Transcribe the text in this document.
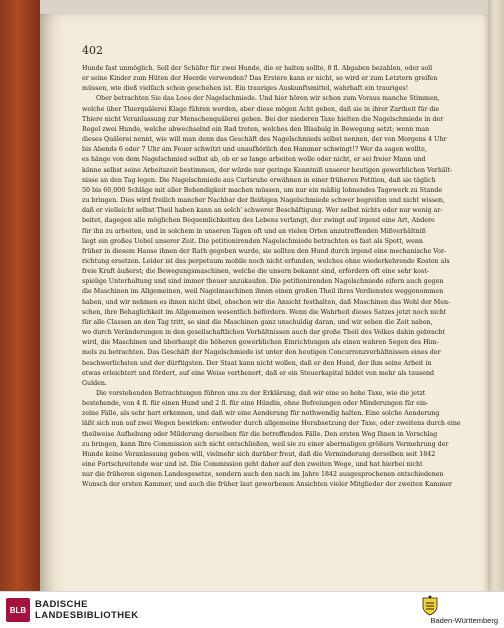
402
Hunde fast unmöglich. Soll der Schäfer für zwei Hunde, die er halten sollte, 8 fl. Abgaben bezahlen, oder soll
er seine Kinder zum Hüten der Heerde verwenden? Das Erstere kann er nicht, so wird er zum Letztern greifen
müssen, wie dieß vielfach schon geschehen ist. Ein trauriges Auskunftsmittel, wahrhaft ein trauriges!
Ober betrachten Sie das Loos der Nagelschmiede. Und hier hören wir schon zum Voraus manche Stimmen,
welche über Thierquälerei Klage führen werden, aber diese mögen Acht geben, daß sie in ihrer Zartheit für die
Thiere nicht Veranlassung zur Menschenquälerei geben. Bei der niederen Taxe hielten die Nagelschmiede in der
Regel zwei Hunde, welche abwechselnd ein Rad treten, welches den Blasbalg in Bewegung setzt; wenn man
dieses Quälerei nennt, wie will man denn das Geschäft des Nagelschmieds selbst nennen, der von Morgens 4 Uhr
bis Abends 6 oder 7 Uhr am Feuer schwitzt und unaufhörlich den Hammer schwingt!? Wer da sagen wollte,
es hänge von dem Nagelschmied selbst ab, ob er so lange arbeiten wolle oder nicht, er sei freier Mann und
könne selbst seine Arbeitszeit bestimmen, der würde nur geringe Kenntniß unserer heutigen gewerblichen Verhält-
nisse an den Tag legen. Die Nagelschmiede aus Carlsruhe erwähnen in einer früheren Petition, daß sie täglich
50 bis 60,000 Schläge mit aller Behendigkeit machen müssen, um nur ein mäßig lohnendes Tagewerk zu Stande
zu bringen. Dies wird freilich mancher Nachbar der fleißigen Nagelschmiede schwer begreifen und nicht wissen,
daß er vielleicht selbst Theil haben kann an solch' schwerer Beschäftigung. Wer selbst nichts oder nur wenig ar-
beitet, dagegen alle möglichen Bequemlichkeiten des Lebens verlangt, der zwingt auf irgend eine Art, Andere
für ihn zu arbeiten, und in solchem in unseren Tagen oft und an vielen Orten anzutreffenden Mißverhältniß
liegt ein großes Uebel unserer Zeit. Die petitionirenden Nagelschmiede betrachten es fast als Spott, wenn
früher in diesem Hause ihnen der Rath gegeben wurde, sie sollten den Hund durch irgend eine mechanische Vor-
richtung ersetzen. Leider ist das perpetuum mobile noch nicht erfunden, welches ohne wiederkehrende Kosten als
freie Kraft äußerst; die Bewegungsmaschinen, welche die unsern bekannt sind, erfordern oft eine sehr kost-
spielige Unterhaltung und sind immer theuer anzukaufen. Die petitionirenden Nagelschmiede eifern auch gegen
die Maschinen im Allgemeinen, weil Nagelmaschinen ihnen einen großen Theil ihres Verdienstes weggenommen
haben, und wir nehmen es ihnen nicht übel, obschon wir die Ansicht festhalten, daß Maschinen das Wohl der Men-
schen, ihre Behaglichkeit im Allgemeinen wesentlich befördern. Wenn die Wahrheit dieses Satzes jetzt noch nicht
für alle Classen an den Tag tritt, so sind die Maschinen ganz unschuldig daran, und wir sehen die Zeit nahen,
wo durch Veränderungen in den gesellschaftlichen Verhältnissen auch der große Theil des Volkes dahin gebracht
wird, die Maschinen und überhaupt die höheren gewerblichen Einrichtungen als einen wahren Segen des Him-
mels zu betrachten. Das Geschäft der Nagelschmiede ist unter den heutigen Concurrenzverhältnissen eines der
beschwerlichsten und der dürftigsten. Der Staat kann nicht wollen, daß er den Hund, der ihm seine Arbeit in
etwas erleichtert und fördert, auf eine Weise verthenert, daß er ein Steuerkapital bildet von mehr als tausend
Gulden.
Die vorstehenden Betrachtungen führen uns zu der Erklärung, daß wir eine so hohe Taxe, wie die jetzt
bestehende, von 4 fl. für einen Hund und 2 fl. für eine Hündin, ohne Befreiungen oder Minderungen für ein-
zelne Fälle, als sehr hart erkennen, und daß wir eine Aenderung für nothwendig halten. Eine solche Aenderung
läßt sich nun auf zwei Wegen bewirken: entweder durch allgemeine Herabsetzung der Taxe, oder zweitens durch eine
theilweise Aufhebung oder Milderung derselben für die betreffenden Fälle. Den ersten Weg Ihnen in Vorschlag
zu bringen, kann Ihre Commission sich nicht entschließen, weil sie zu einer abermaligen größern Vermehrung der
Hunde keine Veranlassung geben will, vielmehr sich darüber freut, daß die Verminderung derselben seit 1842
eine Fortschreitende war und ist. Die Commission geht daher auf den zweiten Wege, und hat hierbei nicht
nur die früheren eigenen Landesgesetze, sondern auch den nach im Jahre 1842 ausgesprochenen entschiedenen
Wunsch der ersten Kammer, und auch die früher laut geworbenen Ansichten vieler Mitglieder der zweiten Kammer
BLB BADISCHE
LANDESBIBLIOTHEK	Baden-Württemberg
